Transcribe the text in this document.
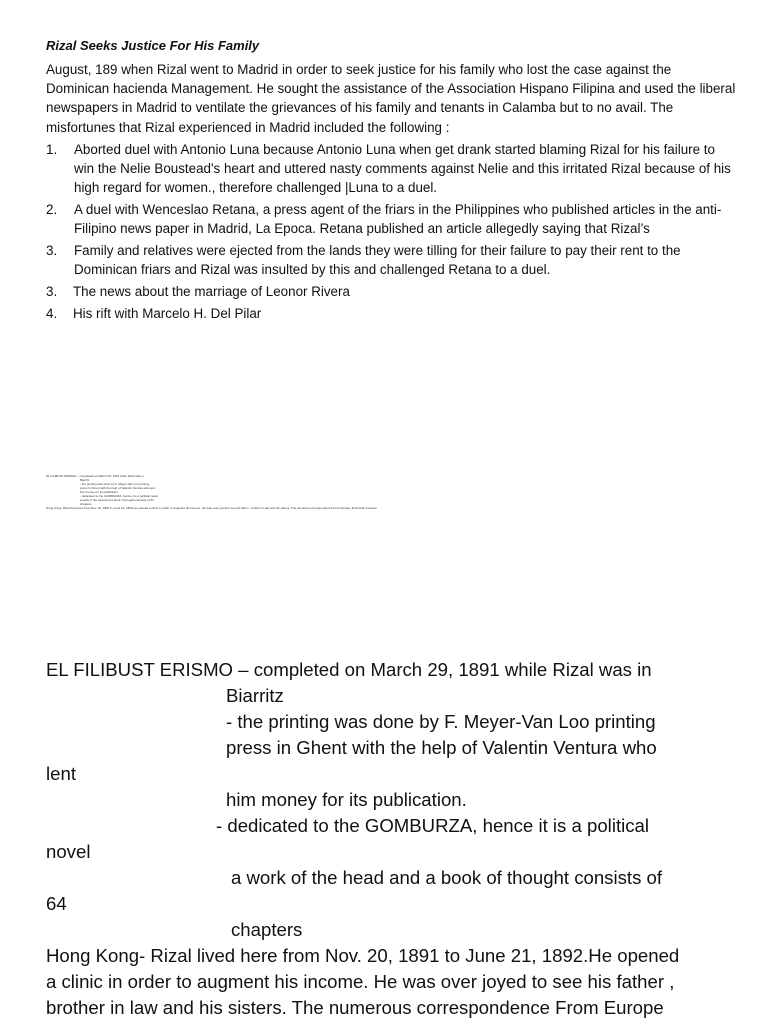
Rizal Seeks Justice For His Family
August, 189 when Rizal went to Madrid in order to seek justice for his family who lost the case against the Dominican hacienda Management. He sought the assistance of the Association Hispano Filipina and used the liberal newspapers in Madrid to ventilate the grievances of his family and tenants in Calamba but to no avail. The misfortunes that Rizal experienced in Madrid included the following :
1. Aborted duel with Antonio Luna because Antonio Luna when get drank started blaming Rizal for his failure to win the Nelie Boustead's heart and uttered nasty comments against Nelie and this irritated Rizal because of his high regard for women., therefore challenged |Luna to a duel.
2. A duel with Wenceslao Retana, a press agent of the friars in the Philippines who published articles in the anti-Filipino news paper in Madrid, La Epoca. Retana published an article allegedly saying that Rizal’s
3. Family and relatives were ejected from the lands they were tilling for their failure to pay their rent to the Dominican friars and Rizal was insulted by this and challenged Retana to a duel.
3. The news about the marriage of Leonor Rivera
4. His rift with Marcelo H. Del Pilar
EL FILIBUST ERISMO – completed on March 29, 1891 while Rizal was in
Biarritz
- the printing was done by F. Meyer-Van Loo printing
press in Ghent with the help of Valentin Ventura who lent
him money for its publication.
- dedicated to the GOMBURZA, hence it is a political novel
a work of the head and a book of thought consists of 64
chapters
Hong Kong- Rizal lived here from Nov. 20, 1891 to June 21, 1892.He opened a clinic in order to augment his income. He was over joyed to see his father , brother in law and his sisters. The numerous correspondence From Europe that Rizal received
EL FILIBUST ERISMO – completed on March 29, 1891 while Rizal was in
Biarritz
- the printing was done by F. Meyer-Van Loo printing
press in Ghent with the help of Valentin Ventura who
lent
him money for its publication.
- dedicated to the GOMBURZA, hence it is a political
novel
a work of the head and a book of thought consists of
64
chapters
Hong Kong- Rizal lived here from Nov. 20, 1891 to June 21, 1892.He opened
a clinic in order to augment his income. He was over joyed to see his father ,
brother in law and his sisters. The numerous correspondence From Europe
